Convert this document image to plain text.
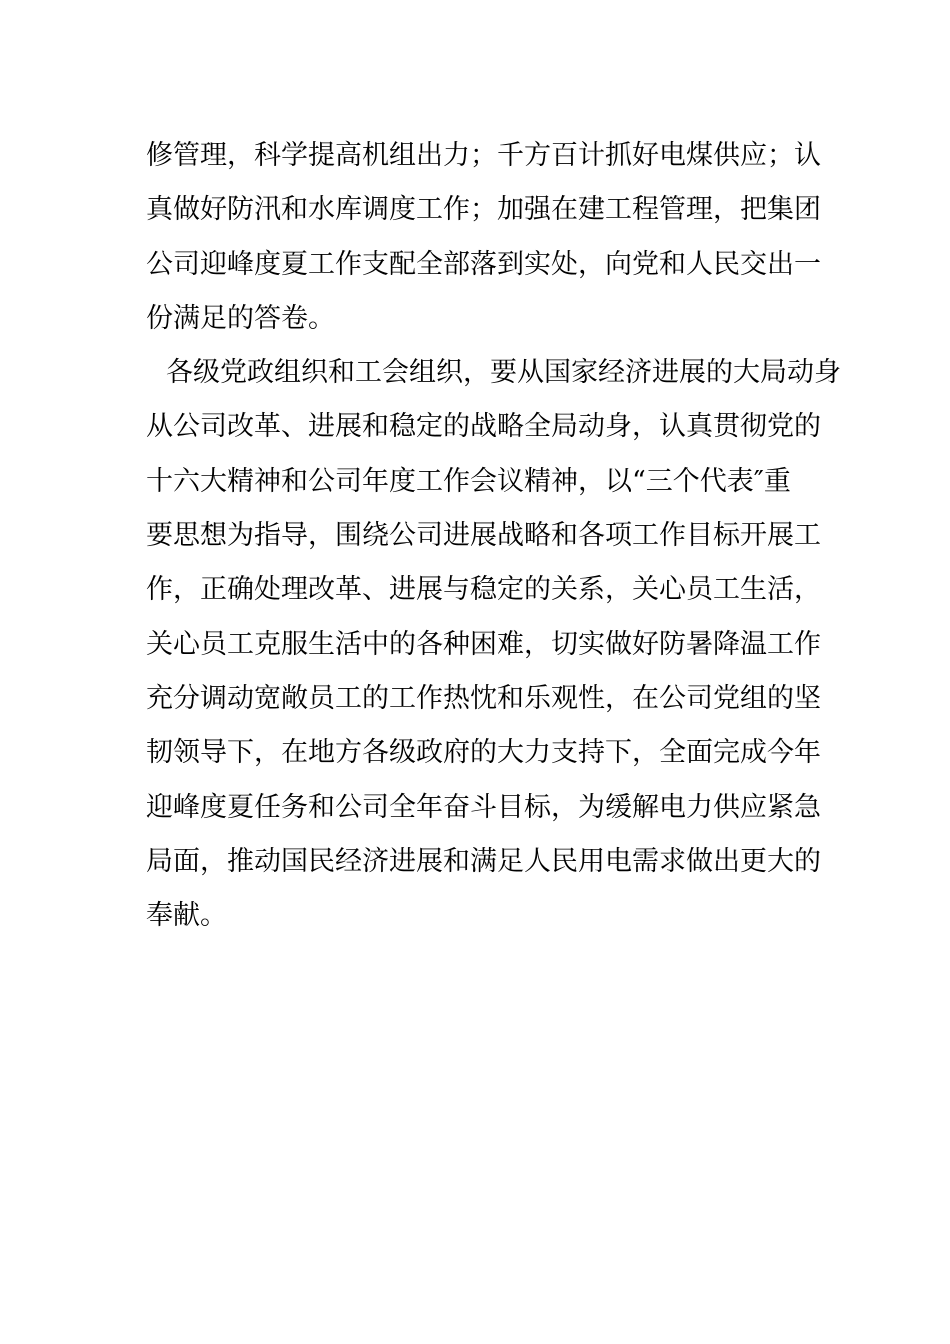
修管理，科学提高机组出力；千方百计抓好电煤供应；认
真做好防汛和水库调度工作；加强在建工程管理，把集团
公司迎峰度夏工作支配全部落到实处，向党和人民交出一
份满足的答卷。
各级党政组织和工会组织，要从国家经济进展的大局动身
从公司改革、进展和稳定的战略全局动身，认真贯彻党的
十六大精神和公司年度工作会议精神，以“三个代表″重
要思想为指导，围绕公司进展战略和各项工作目标开展工
作，正确处理改革、进展与稳定的关系，关心员工生活，
关心员工克服生活中的各种困难，切实做好防暑降温工作
充分调动宽敞员工的工作热忱和乐观性，在公司党组的坚
韧领导下，在地方各级政府的大力支持下，全面完成今年
迎峰度夏任务和公司全年奋斗目标，为缓解电力供应紧急
局面，推动国民经济进展和满足人民用电需求做出更大的
奉献。
